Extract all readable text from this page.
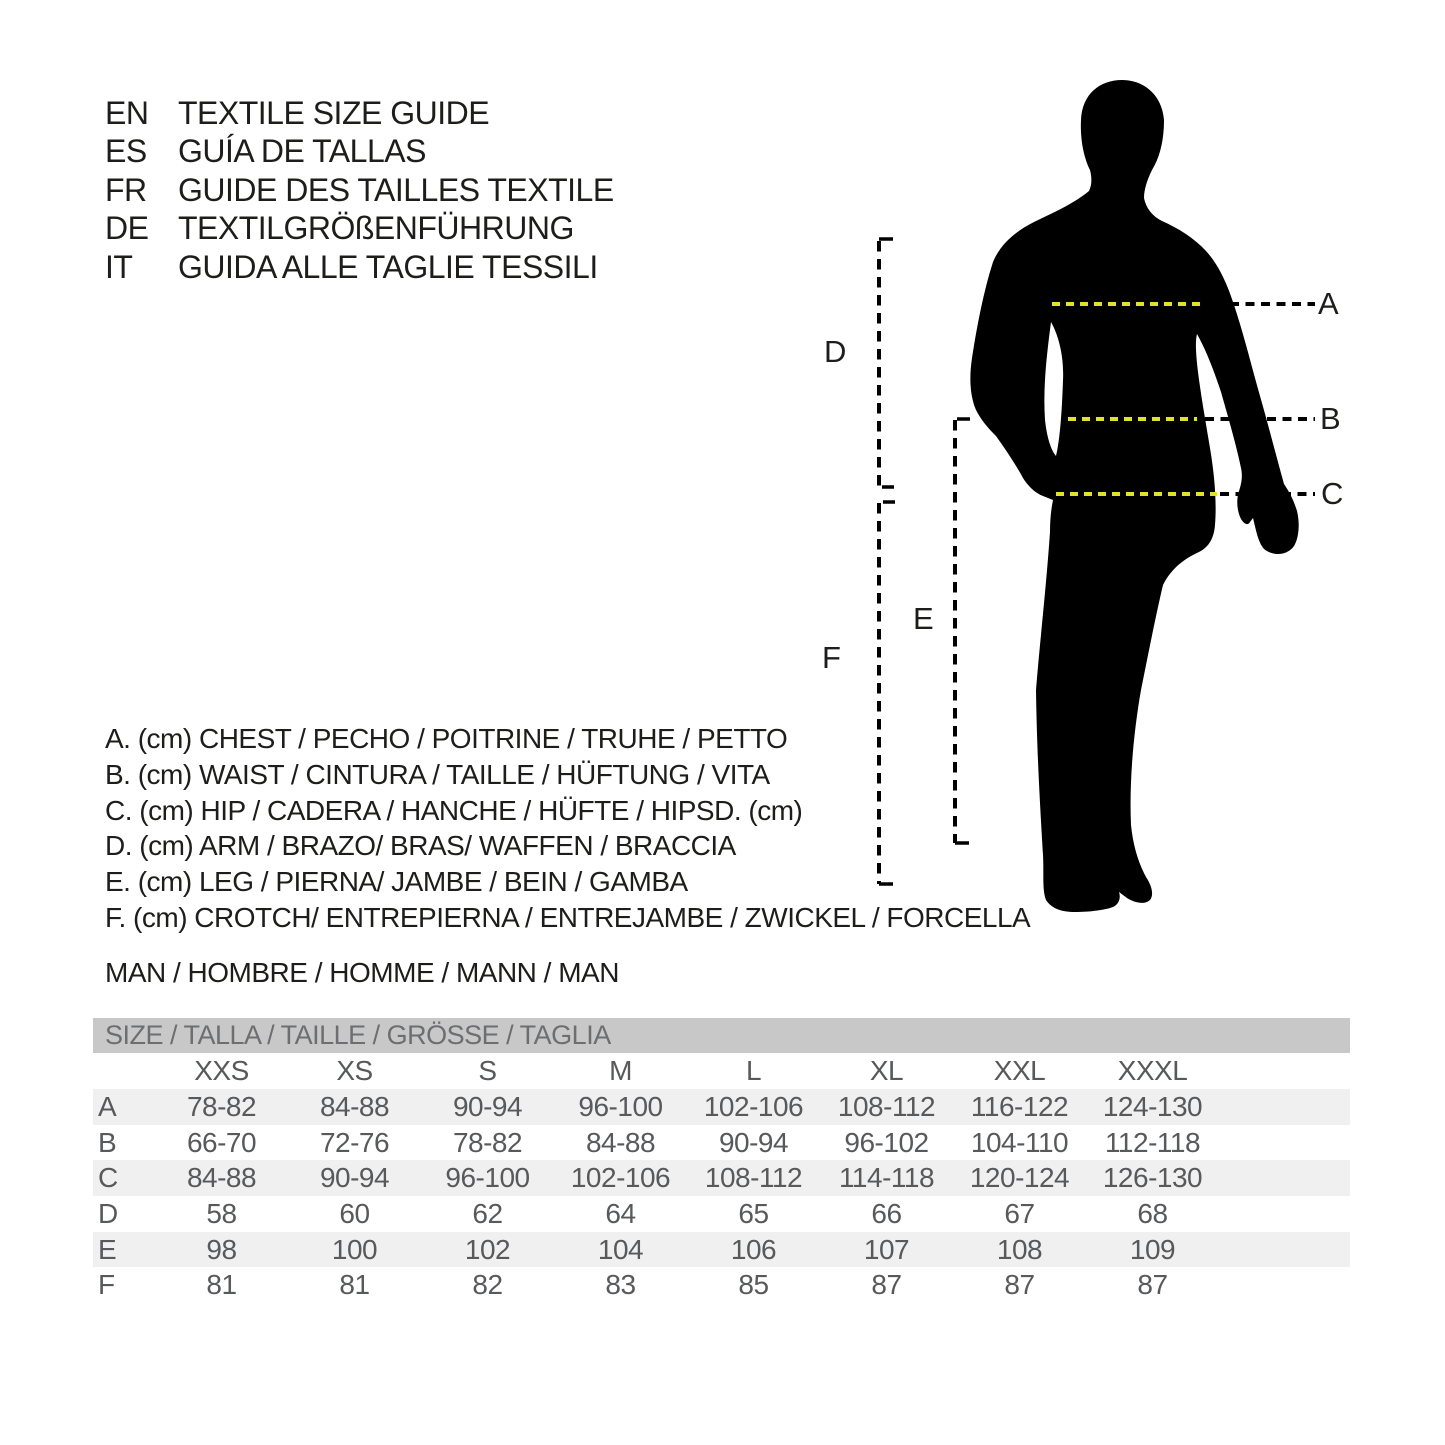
EN TEXTILE SIZE GUIDE
ES GUÍA DE TALLAS
FR GUIDE DES TAILLES TEXTILE
DE TEXTILGRÖßENFÜHRUNG
IT GUIDA ALLE TAGLIE TESSILI
A
B
C
D
E
F
A. (cm) CHEST / PECHO / POITRINE / TRUHE / PETTO
B. (cm) WAIST / CINTURA / TAILLE / HÜFTUNG / VITA
C. (cm) HIP / CADERA / HANCHE / HÜFTE / HIPSD. (cm)
D. (cm) ARM / BRAZO/ BRAS/ WAFFEN / BRACCIA
E. (cm) LEG / PIERNA/ JAMBE / BEIN / GAMBA
F. (cm) CROTCH/ ENTREPIERNA / ENTREJAMBE / ZWICKEL / FORCELLA
MAN / HOMBRE / HOMME / MANN / MAN
SIZE / TALLA / TAILLE / GRÖSSE / TAGLIA
XXS	XS	S	M	L	XL	XXL	XXXL
A	78-82	84-88	90-94	96-100	102-106	108-112	116-122	124-130
B	66-70	72-76	78-82	84-88	90-94	96-102	104-110	112-118
C	84-88	90-94	96-100	102-106	108-112	114-118	120-124	126-130
D	58	60	62	64	65	66	67	68
E	98	100	102	104	106	107	108	109
F	81	81	82	83	85	87	87	87
